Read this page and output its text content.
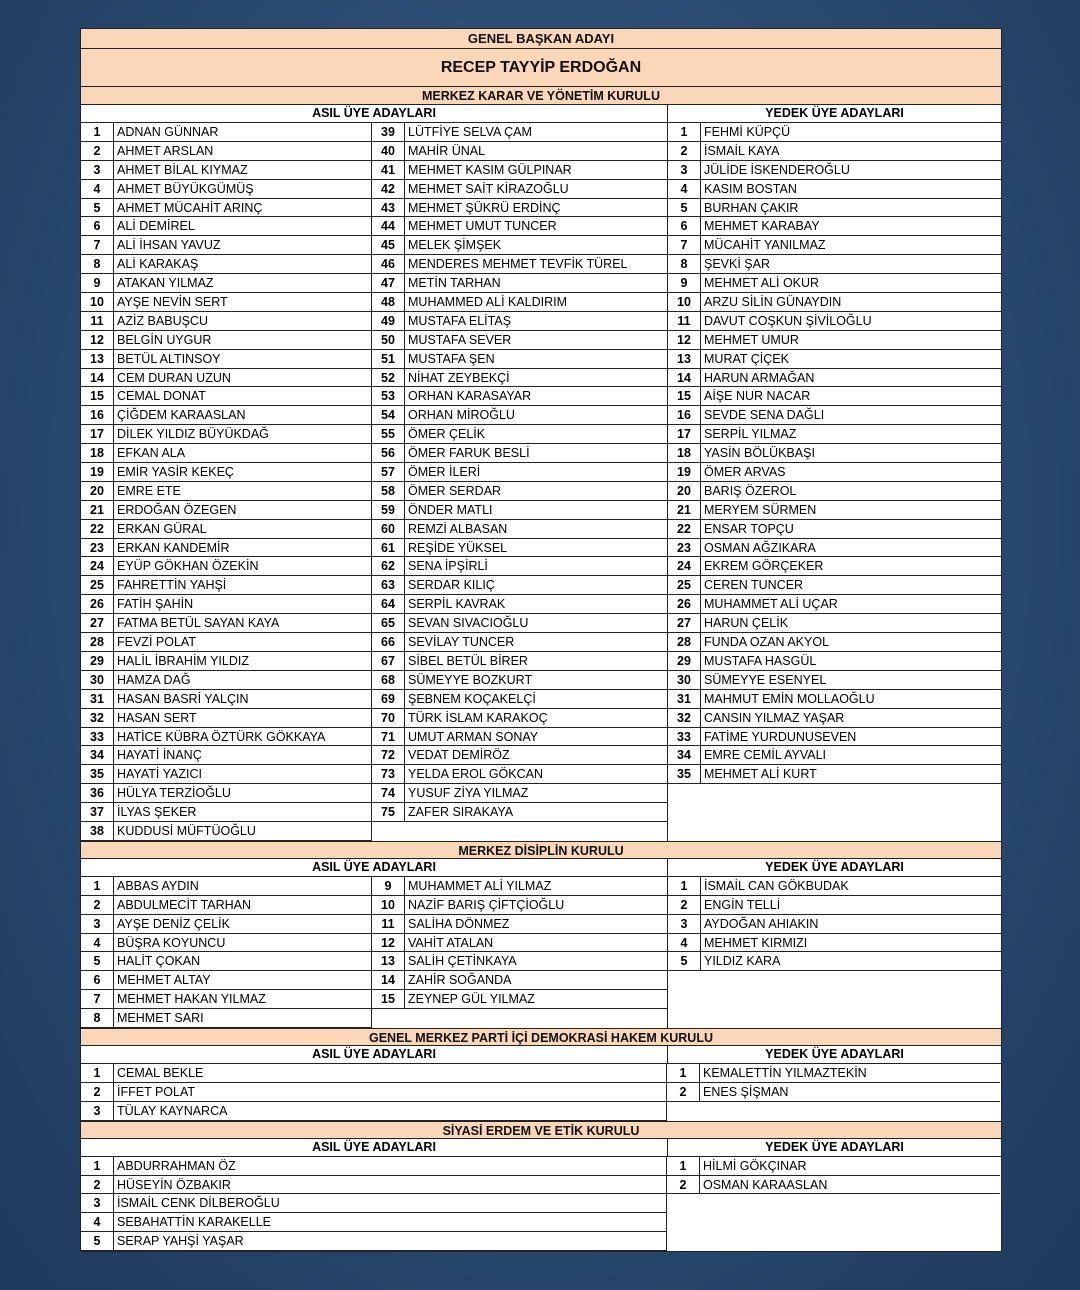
GENEL BAŞKAN ADAYI
RECEP TAYYİP ERDOĞAN
MERKEZ KARAR VE YÖNETİM KURULU
ASIL ÜYE ADAYLARI	YEDEK ÜYE ADAYLARI
1	ADNAN GÜNNAR
2	AHMET ARSLAN
3	AHMET BİLAL KIYMAZ
4	AHMET BÜYÜKGÜMÜŞ
5	AHMET MÜCAHİT ARINÇ
6	ALİ DEMİREL
7	ALİ İHSAN YAVUZ
8	ALİ KARAKAŞ
9	ATAKAN YILMAZ
10	AYŞE NEVİN SERT
11	AZİZ BABUŞCU
12	BELGİN UYGUR
13	BETÜL ALTINSOY
14	CEM DURAN UZUN
15	CEMAL DONAT
16	ÇİĞDEM KARAASLAN
17	DİLEK YILDIZ BÜYÜKDAĞ
18	EFKAN ALA
19	EMİR YASİR KEKEÇ
20	EMRE ETE
21	ERDOĞAN ÖZEGEN
22	ERKAN GÜRAL
23	ERKAN KANDEMİR
24	EYÜP GÖKHAN ÖZEKİN
25	FAHRETTİN YAHŞİ
26	FATİH ŞAHİN
27	FATMA BETÜL SAYAN KAYA
28	FEVZİ POLAT
29	HALİL İBRAHİM YILDIZ
30	HAMZA DAĞ
31	HASAN BASRİ YALÇIN
32	HASAN SERT
33	HATİCE KÜBRA ÖZTÜRK GÖKKAYA
34	HAYATİ İNANÇ
35	HAYATİ YAZICI
36	HÜLYA TERZİOĞLU
37	İLYAS ŞEKER
38	KUDDUSİ MÜFTÜOĞLU
39	LÜTFİYE SELVA ÇAM
40	MAHİR ÜNAL
41	MEHMET KASIM GÜLPINAR
42	MEHMET SAİT KİRAZOĞLU
43	MEHMET ŞÜKRÜ ERDİNÇ
44	MEHMET UMUT TUNCER
45	MELEK ŞİMŞEK
46	MENDERES MEHMET TEVFİK TÜREL
47	METİN TARHAN
48	MUHAMMED ALİ KALDIRIM
49	MUSTAFA ELİTAŞ
50	MUSTAFA SEVER
51	MUSTAFA ŞEN
52	NİHAT ZEYBEKÇİ
53	ORHAN KARASAYAR
54	ORHAN MİROĞLU
55	ÖMER ÇELİK
56	ÖMER FARUK BESLİ
57	ÖMER İLERİ
58	ÖMER SERDAR
59	ÖNDER MATLI
60	REMZİ ALBASAN
61	REŞİDE YÜKSEL
62	SENA İPŞİRLİ
63	SERDAR KILIÇ
64	SERPİL KAVRAK
65	SEVAN SIVACIOĞLU
66	SEVİLAY TUNCER
67	SİBEL BETÜL BİRER
68	SÜMEYYE BOZKURT
69	ŞEBNEM KOÇAKELÇİ
70	TÜRK İSLAM KARAKOÇ
71	UMUT ARMAN SONAY
72	VEDAT DEMİRÖZ
73	YELDA EROL GÖKCAN
74	YUSUF ZİYA YILMAZ
75	ZAFER SIRAKAYA
1	FEHMİ KÜPÇÜ
2	İSMAİL KAYA
3	JÜLİDE İSKENDEROĞLU
4	KASIM BOSTAN
5	BURHAN ÇAKIR
6	MEHMET KARABAY
7	MÜCAHİT YANILMAZ
8	ŞEVKİ ŞAR
9	MEHMET ALİ OKUR
10	ARZU SİLİN GÜNAYDIN
11	DAVUT COŞKUN ŞİVİLOĞLU
12	MEHMET UMUR
13	MURAT ÇİÇEK
14	HARUN ARMAĞAN
15	AİŞE NUR NACAR
16	SEVDE SENA DAĞLI
17	SERPİL YILMAZ
18	YASİN BÖLÜKBAŞI
19	ÖMER ARVAS
20	BARIŞ ÖZEROL
21	MERYEM SÜRMEN
22	ENSAR TOPÇU
23	OSMAN AĞZIKARA
24	EKREM GÖRÇEKER
25	CEREN TUNCER
26	MUHAMMET ALİ UÇAR
27	HARUN ÇELİK
28	FUNDA OZAN AKYOL
29	MUSTAFA HASGÜL
30	SÜMEYYE ESENYEL
31	MAHMUT EMİN MOLLAOĞLU
32	CANSIN YILMAZ YAŞAR
33	FATİME YURDUNUSEVEN
34	EMRE CEMİL AYVALI
35	MEHMET ALİ KURT
MERKEZ DİSİPLİN KURULU
ASIL ÜYE ADAYLARI	YEDEK ÜYE ADAYLARI
1	ABBAS AYDIN
2	ABDULMECİT TARHAN
3	AYŞE DENİZ ÇELİK
4	BÜŞRA KOYUNCU
5	HALİT ÇOKAN
6	MEHMET ALTAY
7	MEHMET HAKAN YILMAZ
8	MEHMET SARI
9	MUHAMMET ALİ YILMAZ
10	NAZİF BARIŞ ÇİFTÇİOĞLU
11	SALİHA DÖNMEZ
12	VAHİT ATALAN
13	SALİH ÇETİNKAYA
14	ZAHİR SOĞANDA
15	ZEYNEP GÜL YILMAZ
1	İSMAİL CAN GÖKBUDAK
2	ENGİN TELLİ
3	AYDOĞAN AHIAKIN
4	MEHMET KIRMIZI
5	YILDIZ KARA
GENEL MERKEZ PARTİ İÇİ DEMOKRASİ HAKEM KURULU
ASIL ÜYE ADAYLARI	YEDEK ÜYE ADAYLARI
1	CEMAL BEKLE
2	İFFET POLAT
3	TÜLAY KAYNARCA
1	KEMALETTİN YILMAZTEKİN
2	ENES ŞİŞMAN
SİYASİ ERDEM VE ETİK KURULU
ASIL ÜYE ADAYLARI	YEDEK ÜYE ADAYLARI
1	ABDURRAHMAN ÖZ
2	HÜSEYİN ÖZBAKIR
3	İSMAİL CENK DİLBEROĞLU
4	SEBAHATTİN KARAKELLE
5	SERAP YAHŞİ YAŞAR
1	HİLMİ GÖKÇINAR
2	OSMAN KARAASLAN
